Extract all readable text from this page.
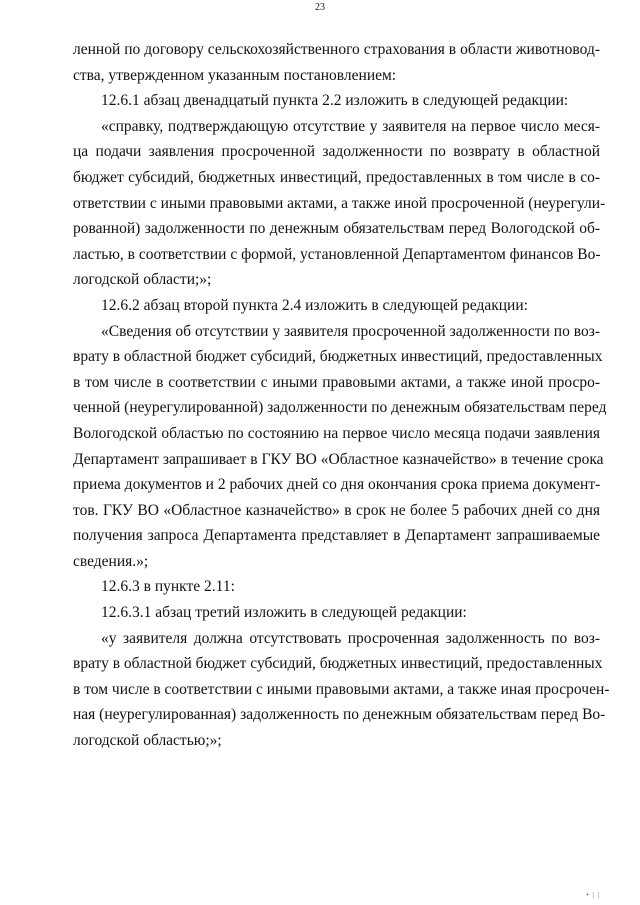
23
ленной по договору сельскохозяйственного страхования в области животновод-
ства, утвержденном указанным постановлением:
12.6.1 абзац двенадцатый пункта 2.2 изложить в следующей редакции:
«справку, подтверждающую отсутствие у заявителя на первое число меся-
ца подачи заявления просроченной задолженности по возврату в областной
бюджет субсидий, бюджетных инвестиций, предоставленных в том числе в со-
ответствии с иными правовыми актами, а также иной просроченной (неурегули-
рованной) задолженности по денежным обязательствам перед Вологодской об-
ластью, в соответствии с формой, установленной Департаментом финансов Во-
логодской области;»;
12.6.2 абзац второй пункта 2.4 изложить в следующей редакции:
«Сведения об отсутствии у заявителя просроченной задолженности по воз-
врату в областной бюджет субсидий, бюджетных инвестиций, предоставленных
в том числе в соответствии с иными правовыми актами, а также иной просро-
ченной (неурегулированной) задолженности по денежным обязательствам перед
Вологодской областью по состоянию на первое число месяца подачи заявления
Департамент запрашивает в ГКУ ВО «Областное казначейство» в течение срока
приема документов и 2 рабочих дней со дня окончания срока приема документ-
тов. ГКУ ВО «Областное казначейство» в срок не более 5 рабочих дней со дня
получения запроса Департамента представляет в Департамент запрашиваемые
сведения.»;
12.6.3 в пункте 2.11:
12.6.3.1 абзац третий изложить в следующей редакции:
«у заявителя должна отсутствовать просроченная задолженность по воз-
врату в областной бюджет субсидий, бюджетных инвестиций, предоставленных
в том числе в соответствии с иными правовыми актами, а также иная просрочен-
ная (неурегулированная) задолженность по денежным обязательствам перед Во-
логодской областью;»;
• | |
